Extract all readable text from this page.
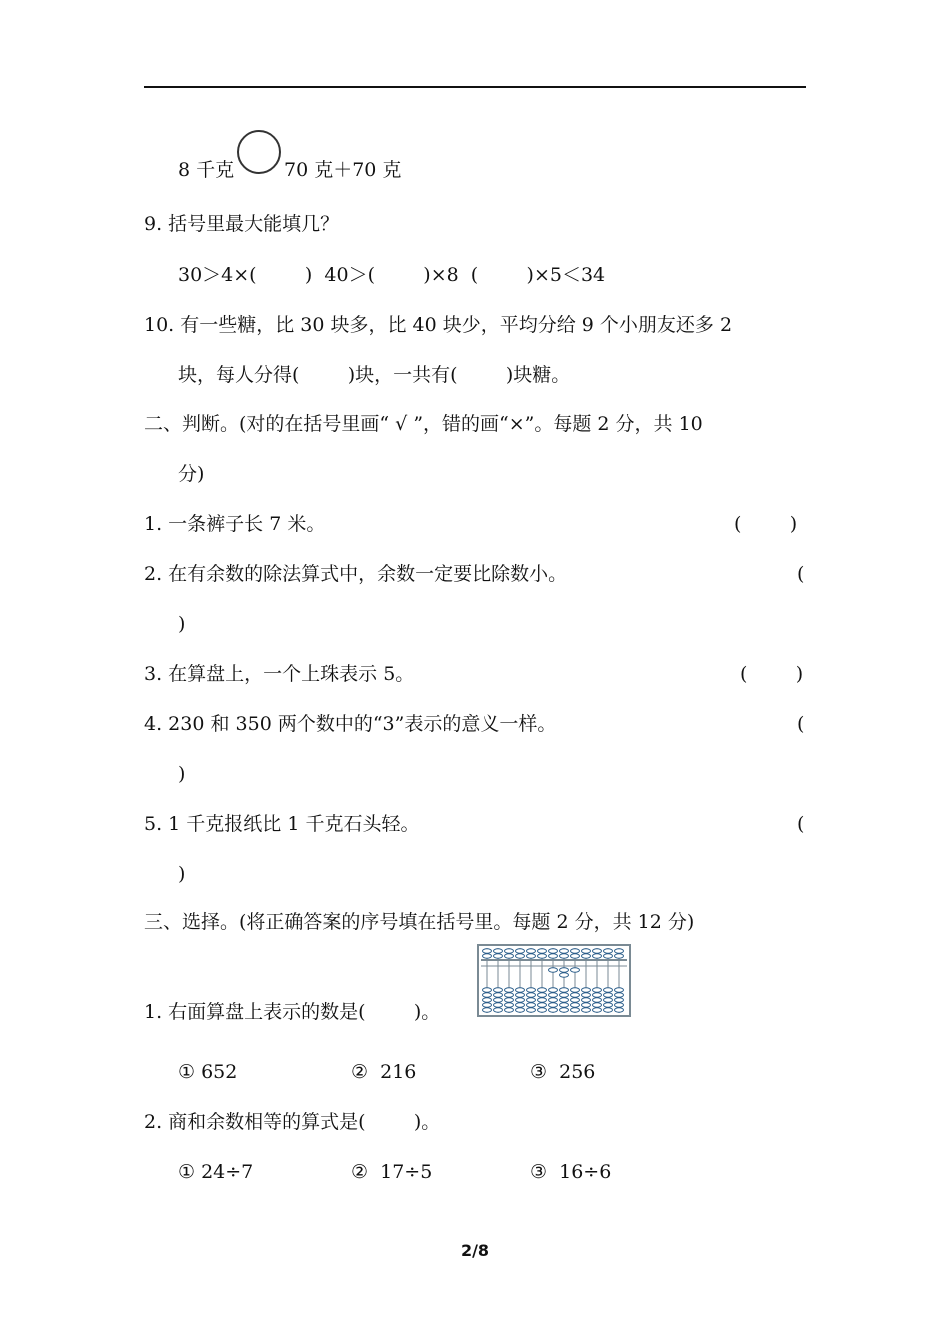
8 千克	70 克＋70 克
9. 括号里最大能填几？
30＞4×(        )  40＞(        )×8  (        )×5＜34
10. 有一些糖，比 30 块多，比 40 块少，平均分给 9 个小朋友还多 2
块，每人分得(        )块，一共有(        )块糖。
二、判断。(对的在括号里画“ √ ”，错的画“×”。每题 2 分，共 10
分)
1. 一条裤子长 7 米。	(        )
2. 在有余数的除法算式中，余数一定要比除数小。	(
)
3. 在算盘上，一个上珠表示 5。	(        )
4. 230 和 350 两个数中的“3”表示的意义一样。	(
)
5. 1 千克报纸比 1 千克石头轻。	(
)
三、选择。(将正确答案的序号填在括号里。每题 2 分，共 12 分)
1. 右面算盘上表示的数是(        )。
① 652	②  216	③  256
2. 商和余数相等的算式是(        )。
① 24÷7	②  17÷5	③  16÷6
2/8
